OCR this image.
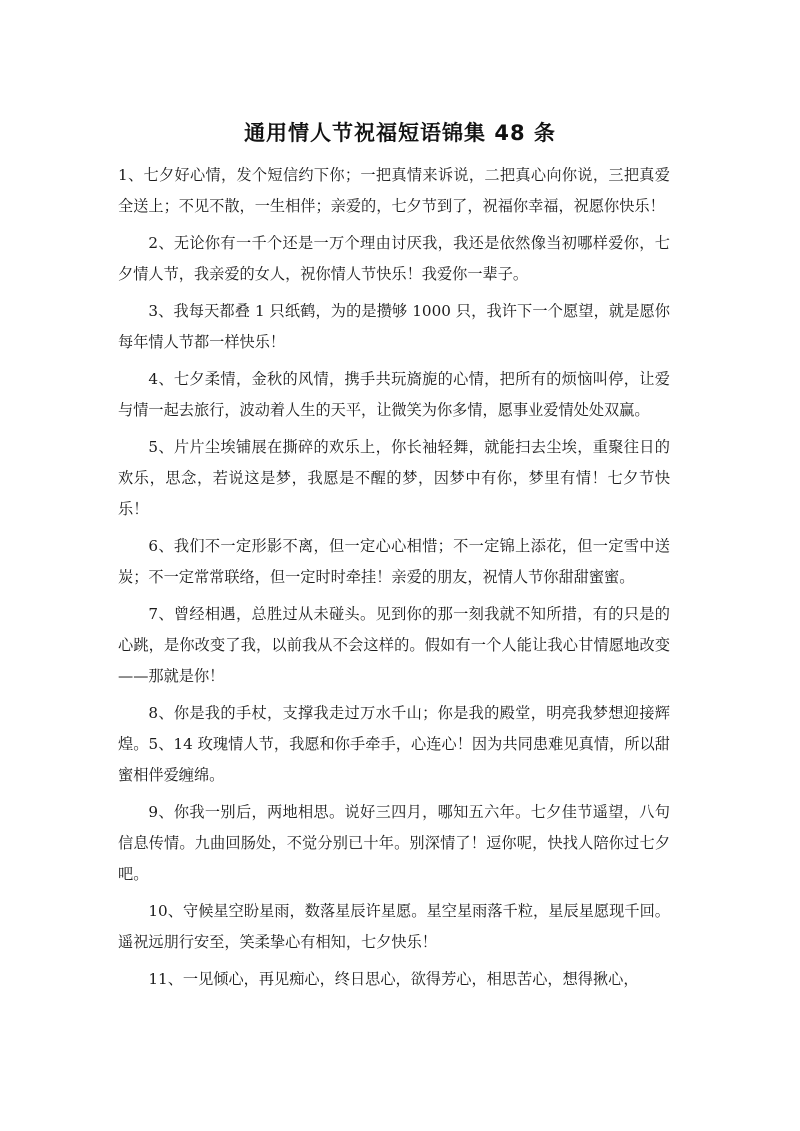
通用情人节祝福短语锦集 48 条

1、七夕好心情，发个短信约下你；一把真情来诉说，二把真心向你说，三把真爱全送上；不见不散，一生相伴；亲爱的，七夕节到了，祝福你幸福，祝愿你快乐！

2、无论你有一千个还是一万个理由讨厌我，我还是依然像当初哪样爱你，七夕情人节，我亲爱的女人，祝你情人节快乐！我爱你一辈子。

3、我每天都叠 1 只纸鹤，为的是攒够 1000 只，我许下一个愿望，就是愿你每年情人节都一样快乐！

4、七夕柔情，金秋的风情，携手共玩旖旎的心情，把所有的烦恼叫停，让爱与情一起去旅行，波动着人生的天平，让微笑为你多情，愿事业爱情处处双赢。

5、片片尘埃铺展在撕碎的欢乐上，你长袖轻舞，就能扫去尘埃，重聚往日的欢乐，思念，若说这是梦，我愿是不醒的梦，因梦中有你，梦里有情！七夕节快乐！

6、我们不一定形影不离，但一定心心相惜；不一定锦上添花，但一定雪中送炭；不一定常常联络，但一定时时牵挂！亲爱的朋友，祝情人节你甜甜蜜蜜。

7、曾经相遇，总胜过从未碰头。见到你的那一刻我就不知所措，有的只是的心跳，是你改变了我，以前我从不会这样的。假如有一个人能让我心甘情愿地改变——那就是你！

8、你是我的手杖，支撑我走过万水千山；你是我的殿堂，明亮我梦想迎接辉煌。5、14 玫瑰情人节，我愿和你手牵手，心连心！因为共同患难见真情，所以甜蜜相伴爱缠绵。

9、你我一别后，两地相思。说好三四月，哪知五六年。七夕佳节遥望，八句信息传情。九曲回肠处，不觉分别已十年。别深情了！逗你呢，快找人陪你过七夕吧。

10、守候星空盼星雨，数落星辰许星愿。星空星雨落千粒，星辰星愿现千回。遥祝远朋行安至，笑柔挚心有相知，七夕快乐！

11、一见倾心，再见痴心，终日思心，欲得芳心，相思苦心，想得揪心，
